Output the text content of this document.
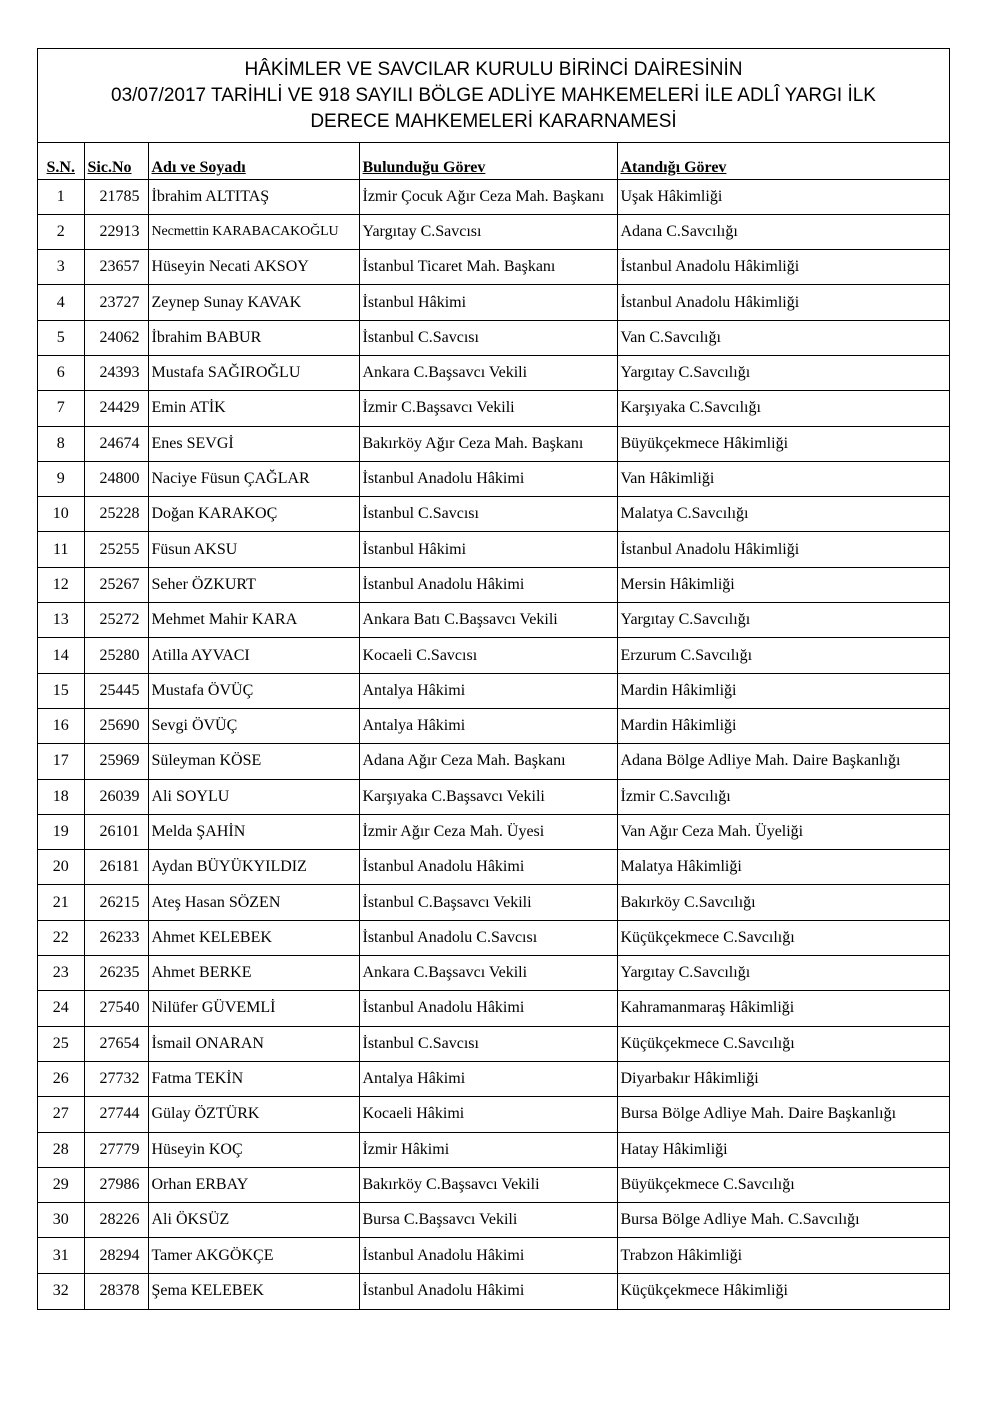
HÂKİMLER VE SAVCILAR KURULU BİRİNCİ DAİRESİNİN
03/07/2017 TARİHLİ VE 918 SAYILI BÖLGE ADLİYE MAHKEMELERİ İLE ADLÎ YARGI İLK
DERECE MAHKEMELERİ KARARNAMESİ
S.N.	Sic.No	Adı ve Soyadı	Bulunduğu Görev	Atandığı Görev
1	21785	İbrahim ALTITAŞ	İzmir Çocuk Ağır Ceza Mah. Başkanı	Uşak Hâkimliği
2	22913	Necmettin KARABACAKOĞLU	Yargıtay C.Savcısı	Adana C.Savcılığı
3	23657	Hüseyin Necati AKSOY	İstanbul Ticaret Mah. Başkanı	İstanbul Anadolu Hâkimliği
4	23727	Zeynep Sunay KAVAK	İstanbul Hâkimi	İstanbul Anadolu Hâkimliği
5	24062	İbrahim BABUR	İstanbul C.Savcısı	Van C.Savcılığı
6	24393	Mustafa SAĞIROĞLU	Ankara C.Başsavcı Vekili	Yargıtay C.Savcılığı
7	24429	Emin ATİK	İzmir C.Başsavcı Vekili	Karşıyaka C.Savcılığı
8	24674	Enes SEVGİ	Bakırköy Ağır Ceza Mah. Başkanı	Büyükçekmece Hâkimliği
9	24800	Naciye Füsun ÇAĞLAR	İstanbul Anadolu Hâkimi	Van Hâkimliği
10	25228	Doğan KARAKOÇ	İstanbul C.Savcısı	Malatya C.Savcılığı
11	25255	Füsun AKSU	İstanbul Hâkimi	İstanbul Anadolu Hâkimliği
12	25267	Seher ÖZKURT	İstanbul Anadolu Hâkimi	Mersin Hâkimliği
13	25272	Mehmet Mahir KARA	Ankara Batı C.Başsavcı Vekili	Yargıtay C.Savcılığı
14	25280	Atilla AYVACI	Kocaeli C.Savcısı	Erzurum C.Savcılığı
15	25445	Mustafa ÖVÜÇ	Antalya Hâkimi	Mardin Hâkimliği
16	25690	Sevgi ÖVÜÇ	Antalya Hâkimi	Mardin Hâkimliği
17	25969	Süleyman KÖSE	Adana Ağır Ceza Mah. Başkanı	Adana Bölge Adliye Mah. Daire Başkanlığı
18	26039	Ali SOYLU	Karşıyaka C.Başsavcı Vekili	İzmir C.Savcılığı
19	26101	Melda ŞAHİN	İzmir Ağır Ceza Mah. Üyesi	Van Ağır Ceza Mah. Üyeliği
20	26181	Aydan BÜYÜKYILDIZ	İstanbul Anadolu Hâkimi	Malatya Hâkimliği
21	26215	Ateş Hasan SÖZEN	İstanbul C.Başsavcı Vekili	Bakırköy C.Savcılığı
22	26233	Ahmet KELEBEK	İstanbul Anadolu C.Savcısı	Küçükçekmece C.Savcılığı
23	26235	Ahmet BERKE	Ankara C.Başsavcı Vekili	Yargıtay C.Savcılığı
24	27540	Nilüfer GÜVEMLİ	İstanbul Anadolu Hâkimi	Kahramanmaraş Hâkimliği
25	27654	İsmail ONARAN	İstanbul C.Savcısı	Küçükçekmece C.Savcılığı
26	27732	Fatma TEKİN	Antalya Hâkimi	Diyarbakır Hâkimliği
27	27744	Gülay ÖZTÜRK	Kocaeli Hâkimi	Bursa Bölge Adliye Mah. Daire Başkanlığı
28	27779	Hüseyin KOÇ	İzmir Hâkimi	Hatay Hâkimliği
29	27986	Orhan ERBAY	Bakırköy C.Başsavcı Vekili	Büyükçekmece C.Savcılığı
30	28226	Ali ÖKSÜZ	Bursa C.Başsavcı Vekili	Bursa Bölge Adliye Mah. C.Savcılığı
31	28294	Tamer AKGÖKÇE	İstanbul Anadolu Hâkimi	Trabzon Hâkimliği
32	28378	Şema KELEBEK	İstanbul Anadolu Hâkimi	Küçükçekmece Hâkimliği
